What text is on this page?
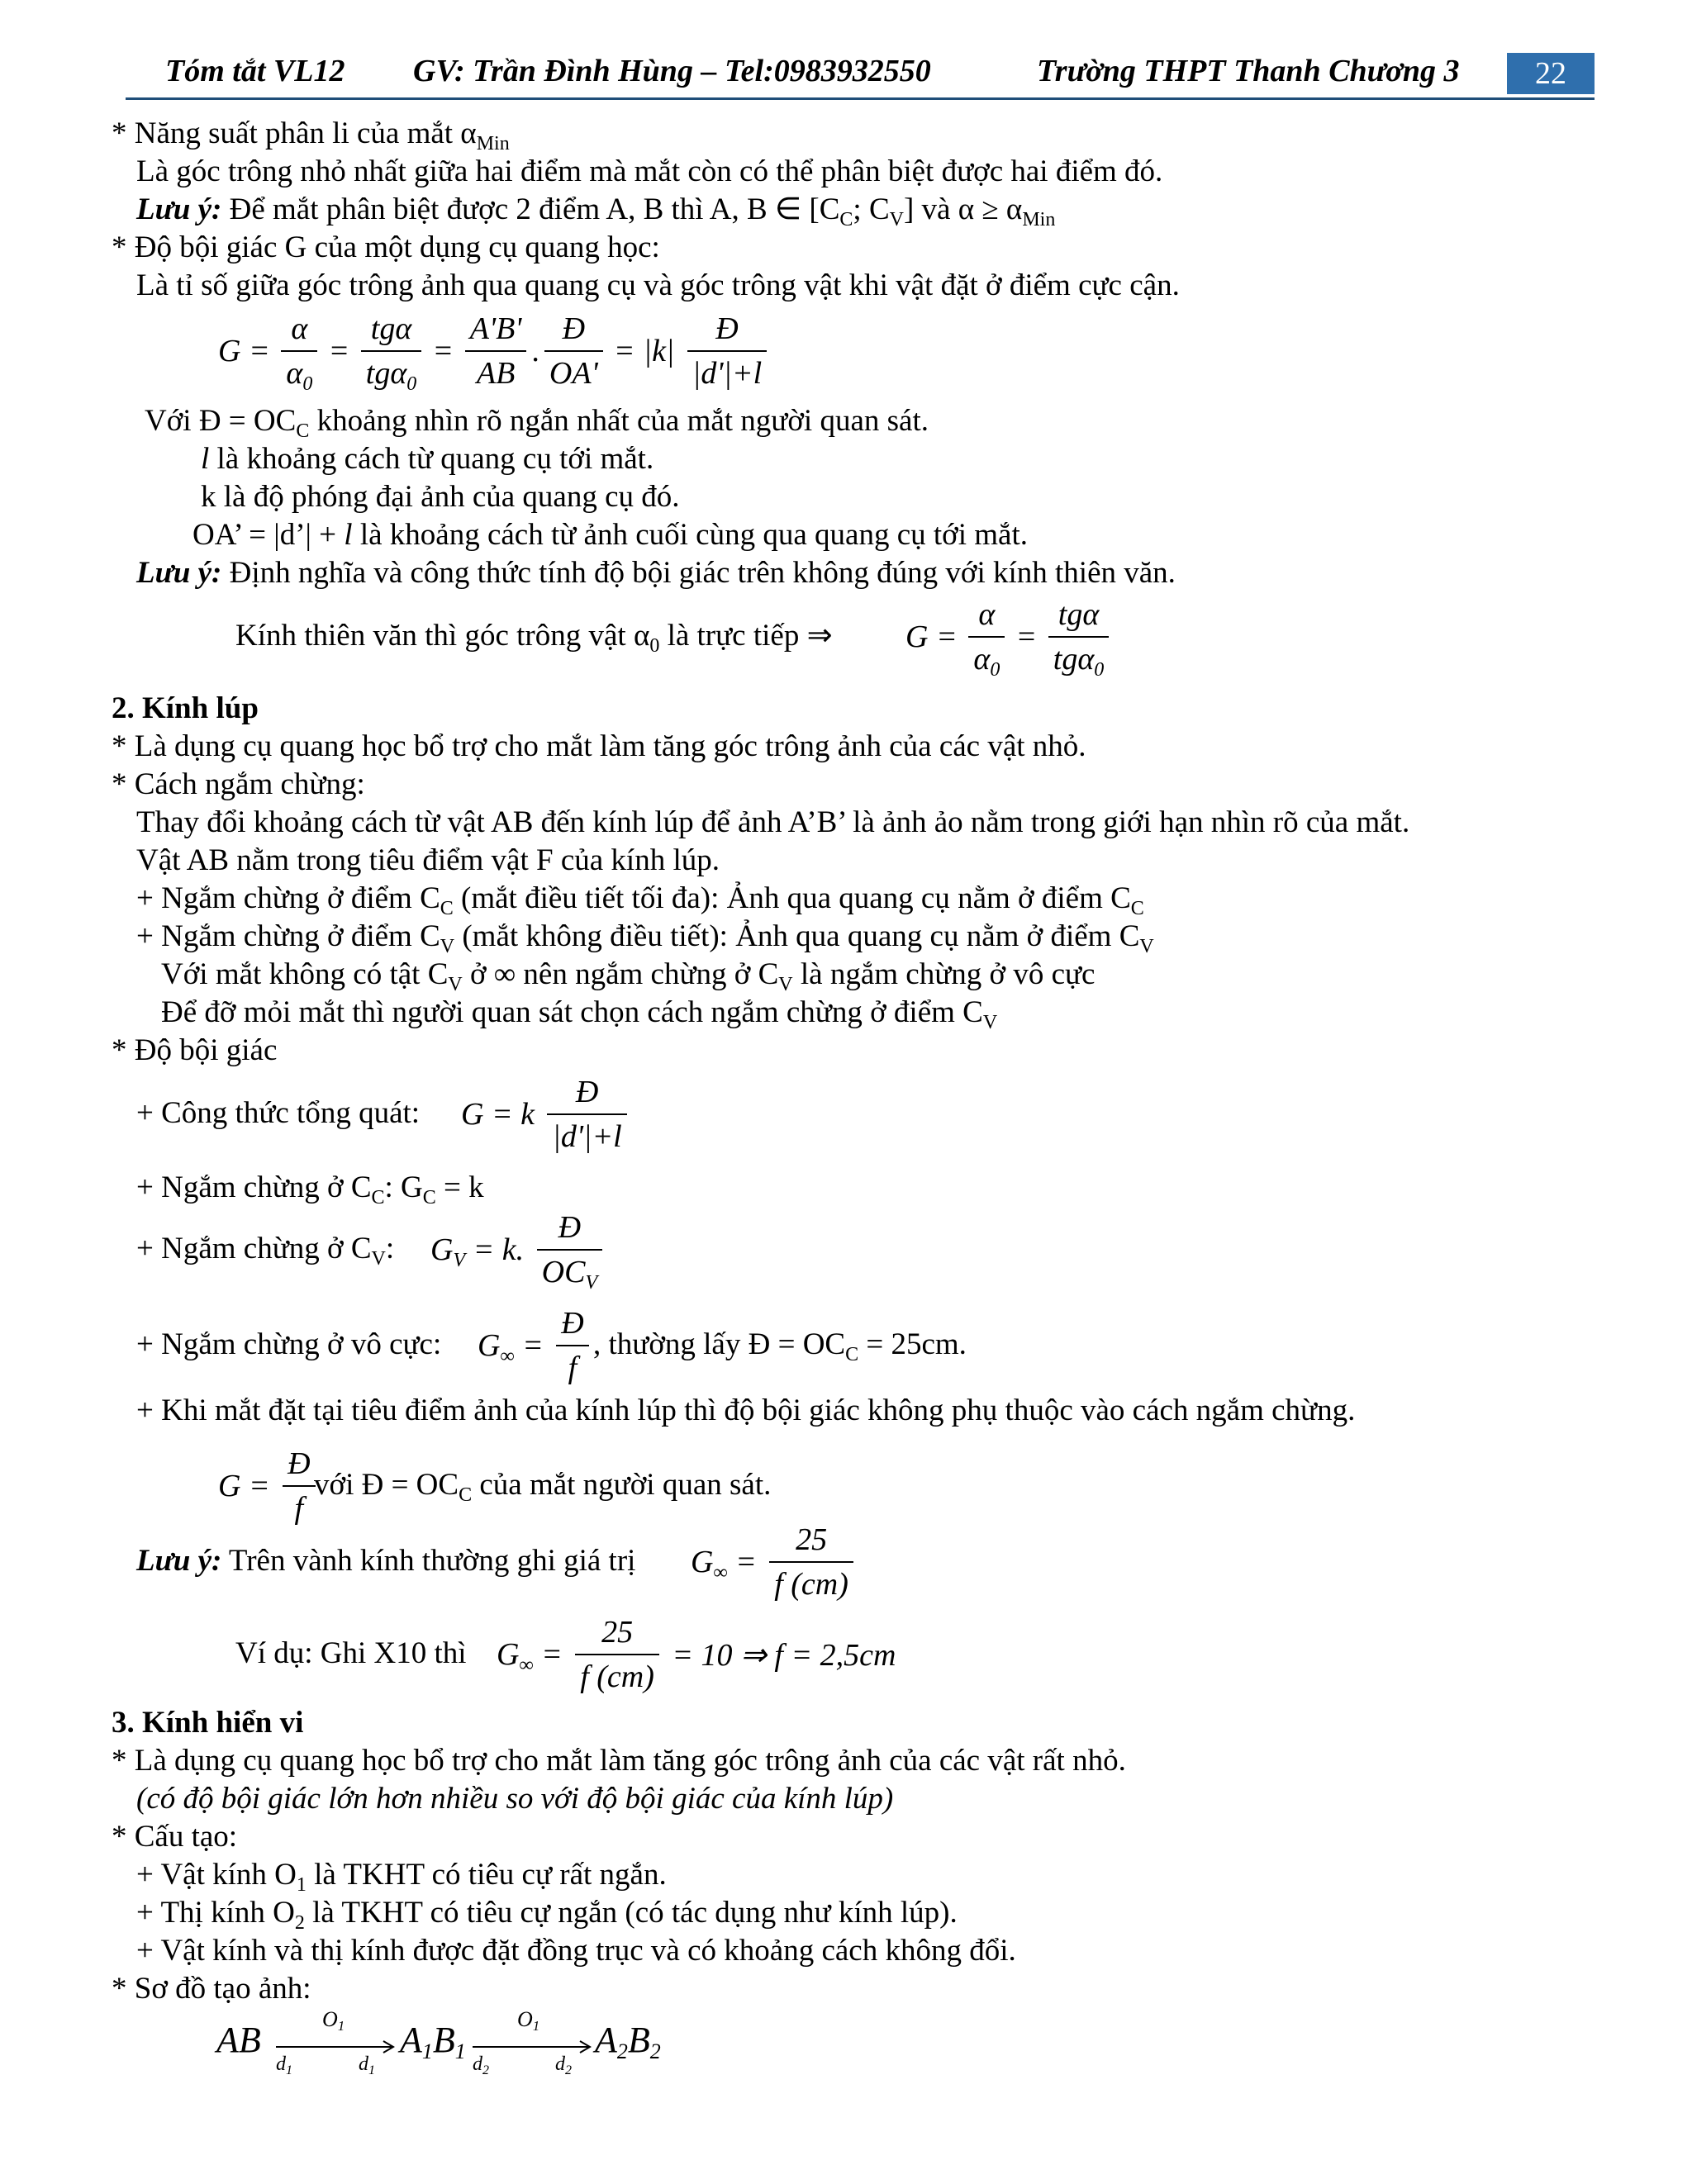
Tóm tắt VL12 GV: Trần Đình Hùng – Tel:0983932550	Trường THPT Thanh Chương 3	22
* Năng suất phân li của mắt $\alpha_{Min}$
Là góc trông nhỏ nhất giữa hai điểm mà mắt còn có thể phân biệt được hai điểm đó.
Lưu ý: Để mắt phân biệt được 2 điểm A, B thì A, B ∈ [$C_C$; $C_V$] và $\alpha \ge \alpha_{Min}$
* Độ bội giác G của một dụng cụ quang học:
Là tỉ số giữa góc trông ảnh qua quang cụ và góc trông vật khi vật đặt ở điểm cực cận.
$G = \frac{\alpha}{\alpha_0} = \frac{\text{tgα}}{tg\alpha_0} = \frac{A'B'}{AB}$ . $\frac{Đ}{OA'} = |k| \frac{Đ}{|d'|+l}$
Với Đ = $OC_C$ khoảng nhìn rõ ngắn nhất của mắt người quan sát.
l là khoảng cách từ quang cụ tới mắt.
k là độ phóng đại ảnh của quang cụ đó.
OA’ = |d’| + l là khoảng cách từ ảnh cuối cùng qua quang cụ tới mắt.
Lưu ý: Định nghĩa và công thức tính độ bội giác trên không đúng với kính thiên văn.
Kính thiên văn thì góc trông vật $\alpha_0$ là trực tiếp ⇒ $G = \frac{\alpha}{\alpha_0} = \frac{\text{tgα}}{tg\alpha_0}$
2. Kính lúp
* Là dụng cụ quang học bổ trợ cho mắt làm tăng góc trông ảnh của các vật nhỏ.
* Cách ngắm chừng:
Thay đổi khoảng cách từ vật AB đến kính lúp để ảnh A’B’ là ảnh ảo nằm trong giới hạn nhìn rõ của mắt.
Vật AB nằm trong tiêu điểm vật F của kính lúp.
+ Ngắm chừng ở điểm $C_C$ (mắt điều tiết tối đa): Ảnh qua quang cụ nằm ở điểm $C_C$
+ Ngắm chừng ở điểm $C_V$ (mắt không điều tiết): Ảnh qua quang cụ nằm ở điểm $C_V$
Với mắt không có tật $C_V$ ở ∞ nên ngắm chừng ở $C_V$ là ngắm chừng ở vô cực
Để đỡ mỏi mắt thì người quan sát chọn cách ngắm chừng ở điểm $C_V$
* Độ bội giác
+ Công thức tổng quát: G = k $\frac{Đ}{|d'|+l}$
+ Ngắm chừng ở $C_C$: $G_C = k$
+ Ngắm chừng ở $C_V$: $G_V = k$. $\frac{Đ}{OC_V}$
+ Ngắm chừng ở vô cực: $G_\infty = \frac{Đ}{f}$ , thường lấy Đ = $OC_C = 25cm$.
+ Khi mắt đặt tại tiêu điểm ảnh của kính lúp thì độ bội giác không phụ thuộc vào cách ngắm chừng.
$G = \frac{Đ}{f}$
với Đ = $OC_C$ của mắt người quan sát.
Lưu ý: Trên vành kính thường ghi giá trị $G_\infty = \frac{25}{f (cm)}$
Ví dụ: Ghi X10 thì $G_\infty = \frac{25}{f (cm)} = 10$ ⇒ f = 2,5cm
3. Kính hiển vi
* Là dụng cụ quang học bổ trợ cho mắt làm tăng góc trông ảnh của các vật rất nhỏ.
(có độ bội giác lớn hơn nhiều so với độ bội giác của kính lúp)
* Cấu tạo:
+ Vật kính $O_1$ là TKHT có tiêu cự rất ngắn.
+ Thị kính $O_2$ là TKHT có tiêu cự ngắn (có tác dụng như kính lúp).
+ Vật kính và thị kính được đặt đồng trục và có khoảng cách không đổi.
* Sơ đồ tạo ảnh:
AB
$O_1$
$d_1$	$d_1$
$A_1B_1$
$O_1$
$d_2$	$d_2$
$A_2B_2$
